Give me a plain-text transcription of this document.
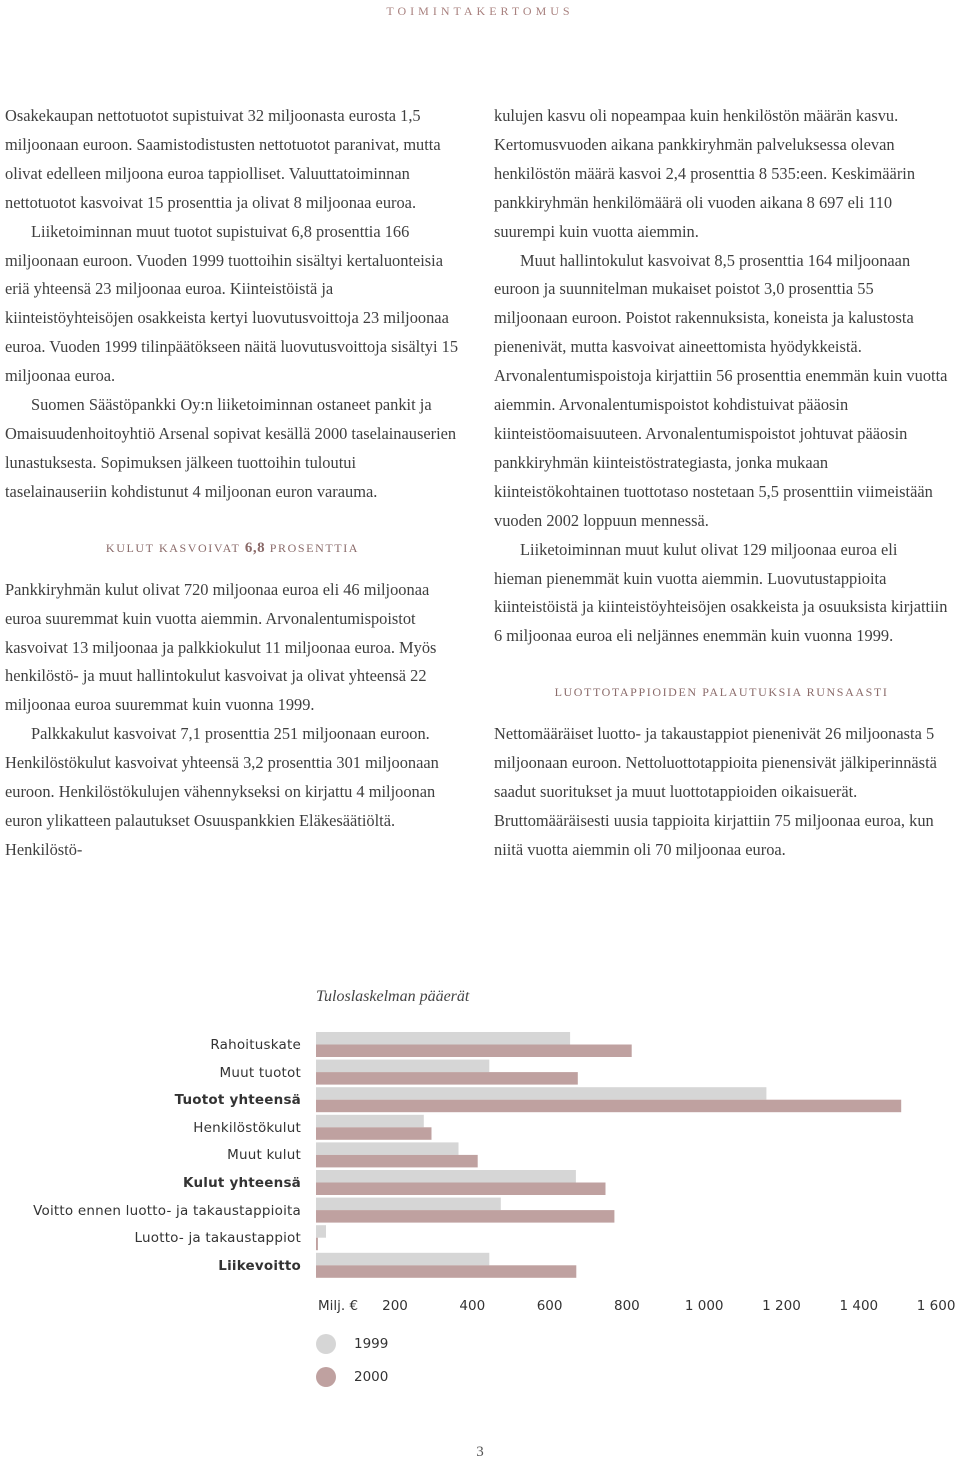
TOIMINTAKERTOMUS

Osakekaupan nettotuotot supistuivat 32 miljoonasta eurosta 1,5 miljoonaan euroon. Saamistodistusten nettotuotot paranivat, mutta olivat edelleen miljoona euroa tappiolliset. Valuuttatoiminnan nettotuotot kasvoivat 15 prosenttia ja olivat 8 miljoonaa euroa.

Liiketoiminnan muut tuotot supistuivat 6,8 prosenttia 166 miljoonaan euroon. Vuoden 1999 tuottoihin sisältyi kertaluonteisia eriä yhteensä 23 miljoonaa euroa. Kiinteistöistä ja kiinteistöyhteisöjen osakkeista kertyi luovutusvoittoja 23 miljoonaa euroa. Vuoden 1999 tilinpäätökseen näitä luovutusvoittoja sisältyi 15 miljoonaa euroa.

Suomen Säästöpankki Oy:n liiketoiminnan ostaneet pankit ja Omaisuudenhoitoyhtiö Arsenal sopivat kesällä 2000 taselainauserien lunastuksesta. Sopimuksen jälkeen tuottoihin tuloutui taselainauseriin kohdistunut 4 miljoonan euron varauma.

KULUT KASVOIVAT 6,8 PROSENTTIA

Pankkiryhmän kulut olivat 720 miljoonaa euroa eli 46 miljoonaa euroa suuremmat kuin vuotta aiemmin. Arvonalentumispoistot kasvoivat 13 miljoonaa ja palkkiokulut 11 miljoonaa euroa. Myös henkilöstö- ja muut hallintokulut kasvoivat ja olivat yhteensä 22 miljoonaa euroa suuremmat kuin vuonna 1999.

Palkkakulut kasvoivat 7,1 prosenttia 251 miljoonaan euroon. Henkilöstökulut kasvoivat yhteensä 3,2 prosenttia 301 miljoonaan euroon. Henkilöstökulujen vähennykseksi on kirjattu 4 miljoonan euron ylikatteen palautukset Osuuspankkien Eläkesäätiöltä. Henkilöstö-

kulujen kasvu oli nopeampaa kuin henkilöstön määrän kasvu. Kertomusvuoden aikana pankkiryhmän palveluksessa olevan henkilöstön määrä kasvoi 2,4 prosenttia 8 535:een. Keskimäärin pankkiryhmän henkilömäärä oli vuoden aikana 8 697 eli 110 suurempi kuin vuotta aiemmin.

Muut hallintokulut kasvoivat 8,5 prosenttia 164 miljoonaan euroon ja suunnitelman mukaiset poistot 3,0 prosenttia 55 miljoonaan euroon. Poistot rakennuksista, koneista ja kalustosta pienenivät, mutta kasvoivat aineettomista hyödykkeistä. Arvonalentumispoistoja kirjattiin 56 prosenttia enemmän kuin vuotta aiemmin. Arvonalentumispoistot kohdistuivat pääosin kiinteistöomaisuuteen. Arvonalentumispoistot johtuvat pääosin pankkiryhmän kiinteistöstrategiasta, jonka mukaan kiinteistökohtainen tuottotaso nostetaan 5,5 prosenttiin viimeistään vuoden 2002 loppuun mennessä.

Liiketoiminnan muut kulut olivat 129 miljoonaa euroa eli hieman pienemmät kuin vuotta aiemmin. Luovutustappioita kiinteistöistä ja kiinteistöyhteisöjen osakkeista ja osuuksista kirjattiin 6 miljoonaa euroa eli neljännes enemmän kuin vuonna 1999.

LUOTTOTAPPIOIDEN PALAUTUKSIA RUNSAASTI

Nettomääräiset luotto- ja takaustappiot pienenivät 26 miljoonasta 5 miljoonaan euroon. Nettoluottotappioita pienensivät jälkiperinnästä saadut suoritukset ja muut luottotappioiden oikaisuerät. Bruttomääräisesti uusia tappioita kirjattiin 75 miljoonaa euroa, kun niitä vuotta aiemmin oli 70 miljoonaa euroa.

Tuloslaskelman pääerät
Rahoituskate
Muut tuotot
Tuotot yhteensä
Henkilöstökulut
Muut kulut
Kulut yhteensä
Voitto ennen luotto- ja takaustappioita
Luotto- ja takaustappiot
Liikevoitto
Milj. € 200	400	600	800	1 000	1 200	1 400	1 600
1999
2000
3
